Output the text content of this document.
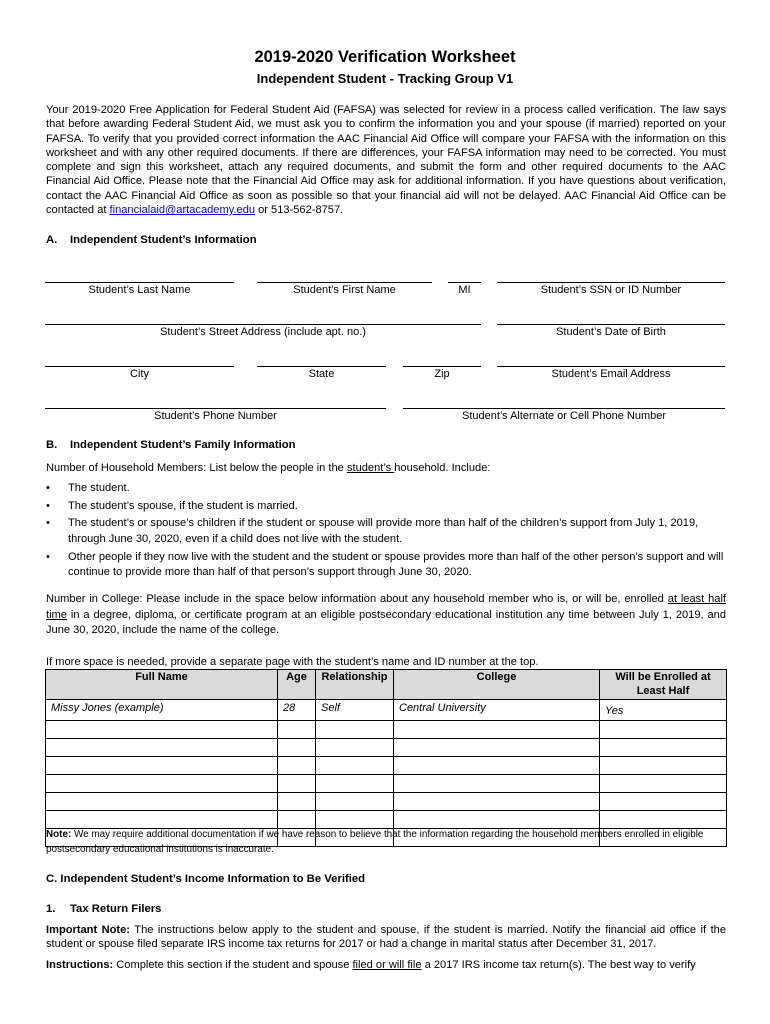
2019-2020 Verification Worksheet
Independent Student - Tracking Group V1
Your 2019-2020 Free Application for Federal Student Aid (FAFSA) was selected for review in a process called verification. The law says that before awarding Federal Student Aid, we must ask you to confirm the information you and your spouse (if married) reported on your FAFSA. To verify that you provided correct information the AAC Financial Aid Office will compare your FAFSA with the information on this worksheet and with any other required documents. If there are differences, your FAFSA information may need to be corrected. You must complete and sign this worksheet, attach any required documents, and submit the form and other required documents to the AAC Financial Aid Office. Please note that the Financial Aid Office may ask for additional information. If you have questions about verification, contact the AAC Financial Aid Office as soon as possible so that your financial aid will not be delayed. AAC Financial Aid Office can be contacted at financialaid@artacademy.edu or 513-562-8757.
A. Independent Student’s Information
Student’s Last Name	Student’s First Name	MI	Student’s SSN or ID Number
Student’s Street Address (include apt. no.)	Student’s Date of Birth
City	State	Zip	Student’s Email Address
Student’s Phone Number	Student’s Alternate or Cell Phone Number
B. Independent Student’s Family Information
Number of Household Members: List below the people in the student’s household. Include:
• The student.
• The student’s spouse, if the student is married.
• The student’s or spouse’s children if the student or spouse will provide more than half of the children’s support from July 1, 2019, through June 30, 2020, even if a child does not live with the student.
• Other people if they now live with the student and the student or spouse provides more than half of the other person’s support and will continue to provide more than half of that person’s support through June 30, 2020.
Number in College: Please include in the space below information about any household member who is, or will be, enrolled at least half time in a degree, diploma, or certificate program at an eligible postsecondary educational institution any time between July 1, 2019, and June 30, 2020, include the name of the college.
If more space is needed, provide a separate page with the student’s name and ID number at the top.
Full Name	Age	Relationship	College	Will be Enrolled at Least Half
Missy Jones (example)	28	Self	Central University	Yes

Note: We may require additional documentation if we have reason to believe that the information regarding the household members enrolled in eligible postsecondary educational institutions is inaccurate.
C. Independent Student’s Income Information to Be Verified
1. Tax Return Filers
Important Note: The instructions below apply to the student and spouse, if the student is married. Notify the financial aid office if the student or spouse filed separate IRS income tax returns for 2017 or had a change in marital status after December 31, 2017.
Instructions: Complete this section if the student and spouse filed or will file a 2017 IRS income tax return(s). The best way to verify
